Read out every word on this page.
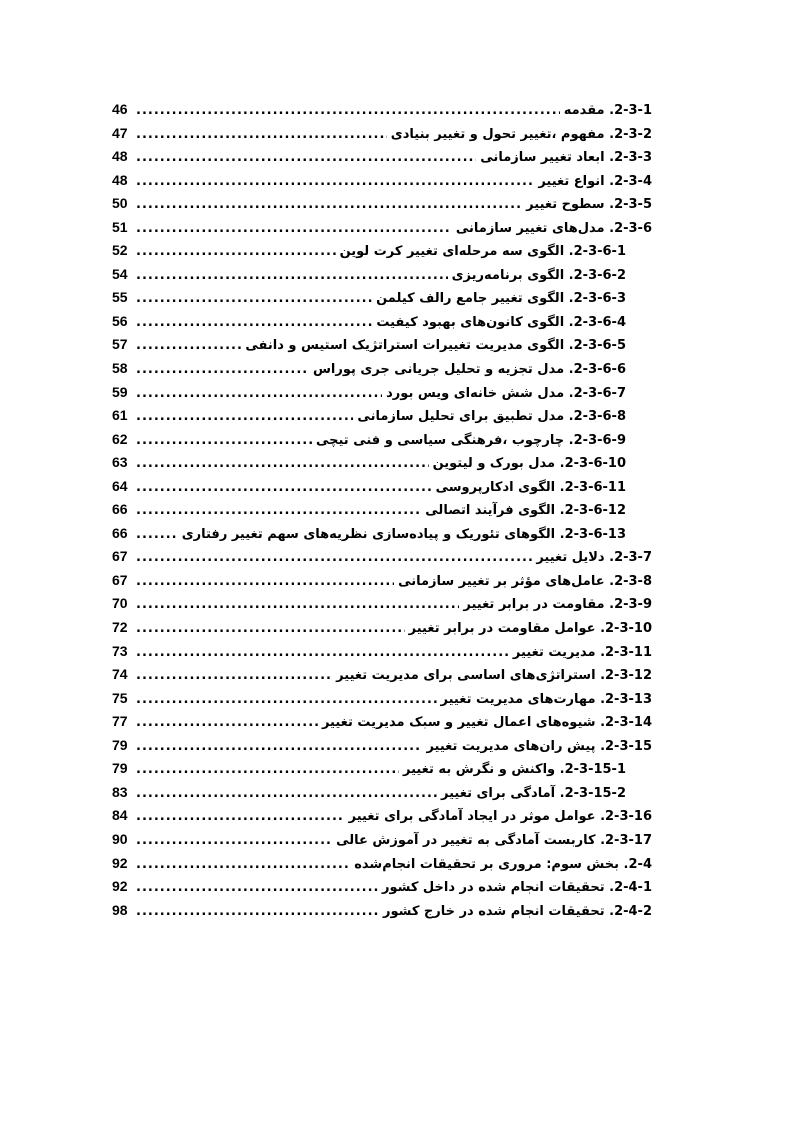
2-3-1. مقدمه
.....
46
2-3-2. مفهوم ،تغییر تحول و تغییر بنیادی
.....
47
2-3-3. ابعاد تغییر سازمانی
.....
48
2-3-4. انواع تغییر
.....
48
2-3-5. سطوح تغییر
.....
50
2-3-6. مدل‌های تغییر سازمانی
.....
51
2-3-6-1. الگوی سه مرحله‌ای تغییر کرت لوین
.....
52
2-3-6-2. الگوی برنامه‌ریزی
.....
54
2-3-6-3. الگوی تغییر جامع رالف کیلمن
.....
55
2-3-6-4. الگوی کانون‌های بهبود کیفیت
.....
56
2-3-6-5. الگوی مدیریت تغییرات استراتژیک استیس و دانفی
.....
57
2-3-6-6. مدل تجزیه و تحلیل جریانی جری پوراس
.....
58
2-3-6-7. مدل شش خانه‌ای ویس بورد
.....
59
2-3-6-8. مدل تطبیق برای تحلیل سازمانی
.....
61
2-3-6-9. چارچوب ،فرهنگی سیاسی و فنی تیچی
.....
62
2-3-6-10. مدل بورک و لیتوین
.....
63
2-3-6-11. الگوی ادکارپروسی
.....
64
2-3-6-12. الگوی فرآیند اتصالی
.....
66
2-3-6-13. الگوهای تئوریک و پیاده‌سازی نظریه‌های سهم تغییر رفتاری
.....
66
2-3-7. دلایل تغییر
.....
67
2-3-8. عامل‌های مؤثر بر تغییر سازمانی
.....
67
2-3-9. مقاومت در برابر تغییر
.....
70
2-3-10. عوامل مقاومت در برابر تغییر
.....
72
2-3-11. مدیریت تغییر
.....
73
2-3-12. استراتژی‌های اساسی برای مدیریت تغییر
.....
74
2-3-13. مهارت‌های مدیریت تغییر
.....
75
2-3-14. شیوه‌های اعمال تغییر و سبک مدیریت تغییر
.....
77
2-3-15. پیش ران‌های مدیریت تغییر
.....
79
2-3-15-1. واکنش و نگرش به تغییر
.....
79
2-3-15-2. آمادگی برای تغییر
.....
83
2-3-16. عوامل موثر در ایجاد آمادگی برای تغییر
.....
84
2-3-17. کاربست آمادگی به تغییر در آموزش عالی
.....
90
2-4. بخش سوم: مروری بر تحقیقات انجام‌شده
.....
92
2-4-1. تحقیقات انجام شده در داخل کشور
.....
92
2-4-2. تحقیقات انجام شده در خارج کشور
.....
98
